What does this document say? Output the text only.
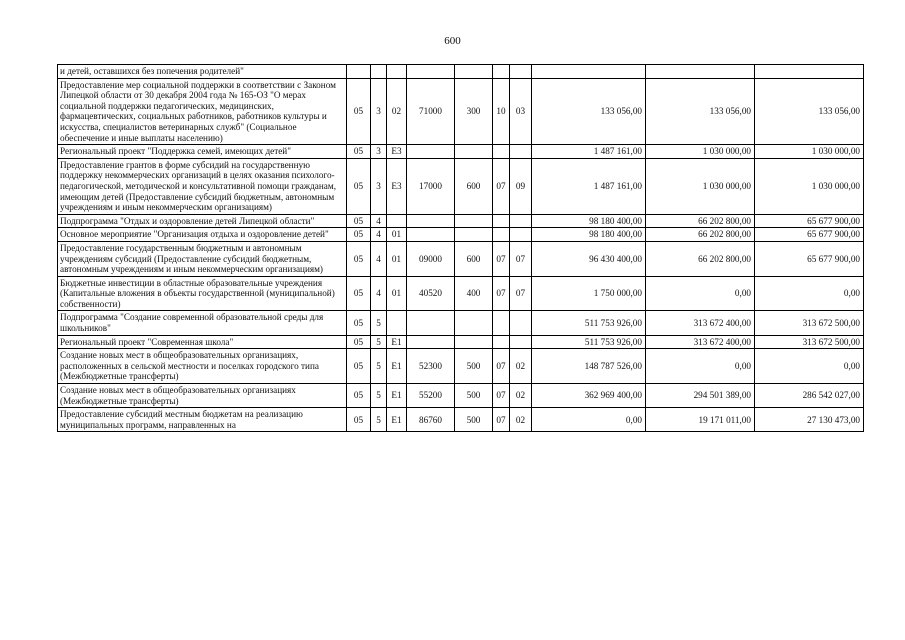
600
и детей, оставшихся без попечения родителей"										
Предоставление мер социальной поддержки в соответствии с Законом Липецкой области от 30 декабря 2004 года № 165-ОЗ "О мерах социальной поддержки педагогических, медицинских, фармацевтических, социальных работников, работников культуры и искусства, специалистов ветеринарных служб" (Социальное обеспечение и иные выплаты населению)	05	3	02	71000	300	10	03	133 056,00	133 056,00	133 056,00
Региональный проект "Поддержка семей, имеющих детей"	05	3	E3					1 487 161,00	1 030 000,00	1 030 000,00
Предоставление грантов в форме субсидий на государственную поддержку некоммерческих организаций в целях оказания психолого-педагогической, методической и консультативной помощи гражданам, имеющим детей (Предоставление субсидий бюджетным, автономным учреждениям и иным некоммерческим организациям)	05	3	E3	17000	600	07	09	1 487 161,00	1 030 000,00	1 030 000,00
Подпрограмма "Отдых и оздоровление детей Липецкой области"	05	4						98 180 400,00	66 202 800,00	65 677 900,00
Основное мероприятие "Организация отдыха и оздоровление детей"	05	4	01					98 180 400,00	66 202 800,00	65 677 900,00
Предоставление государственным бюджетным и автономным учреждениям субсидий (Предоставление субсидий бюджетным, автономным учреждениям и иным некоммерческим организациям)	05	4	01	09000	600	07	07	96 430 400,00	66 202 800,00	65 677 900,00
Бюджетные инвестиции в областные образовательные учреждения (Капитальные вложения в объекты государственной (муниципальной) собственности)	05	4	01	40520	400	07	07	1 750 000,00	0,00	0,00
Подпрограмма "Создание современной образовательной среды для школьников"	05	5						511 753 926,00	313 672 400,00	313 672 500,00
Региональный проект "Современная школа"	05	5	E1					511 753 926,00	313 672 400,00	313 672 500,00
Создание новых мест в общеобразовательных организациях, расположенных в сельской местности и поселках городского типа (Межбюджетные трансферты)	05	5	E1	52300	500	07	02	148 787 526,00	0,00	0,00
Создание новых мест в общеобразовательных организациях (Межбюджетные трансферты)	05	5	E1	55200	500	07	02	362 969 400,00	294 501 389,00	286 542 027,00
Предоставление субсидий местным бюджетам на реализацию муниципальных программ, направленных на	05	5	E1	86760	500	07	02	0,00	19 171 011,00	27 130 473,00
